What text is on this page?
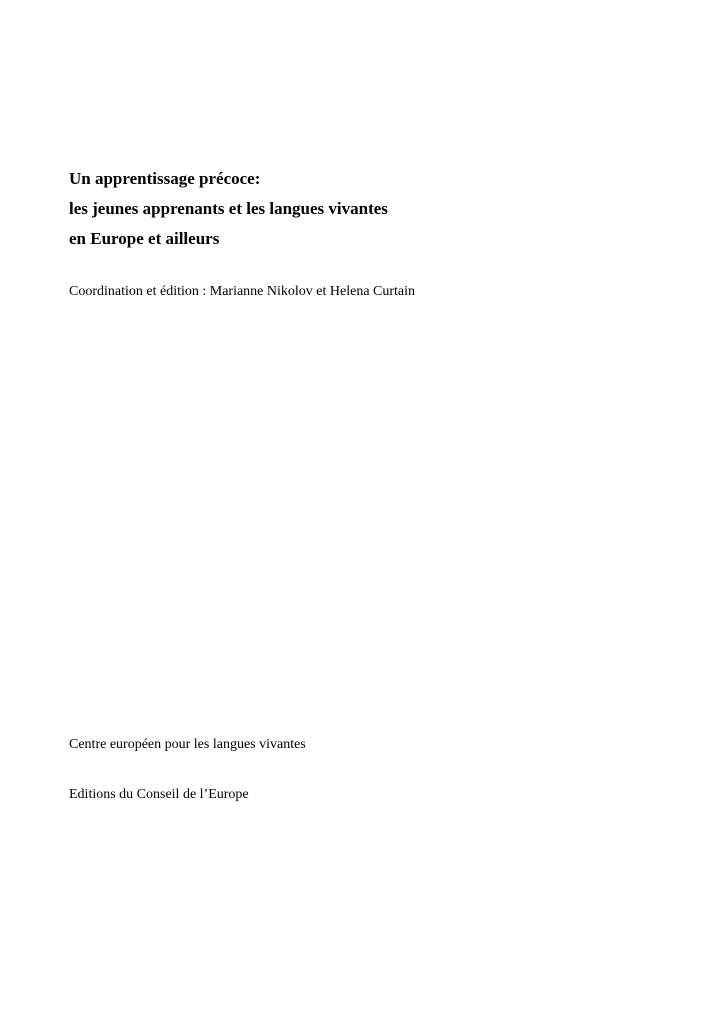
Un apprentissage précoce:
les jeunes apprenants et les langues vivantes
en Europe et ailleurs
Coordination et édition : Marianne Nikolov et Helena Curtain
Centre européen pour les langues vivantes
Editions du Conseil de l’Europe
